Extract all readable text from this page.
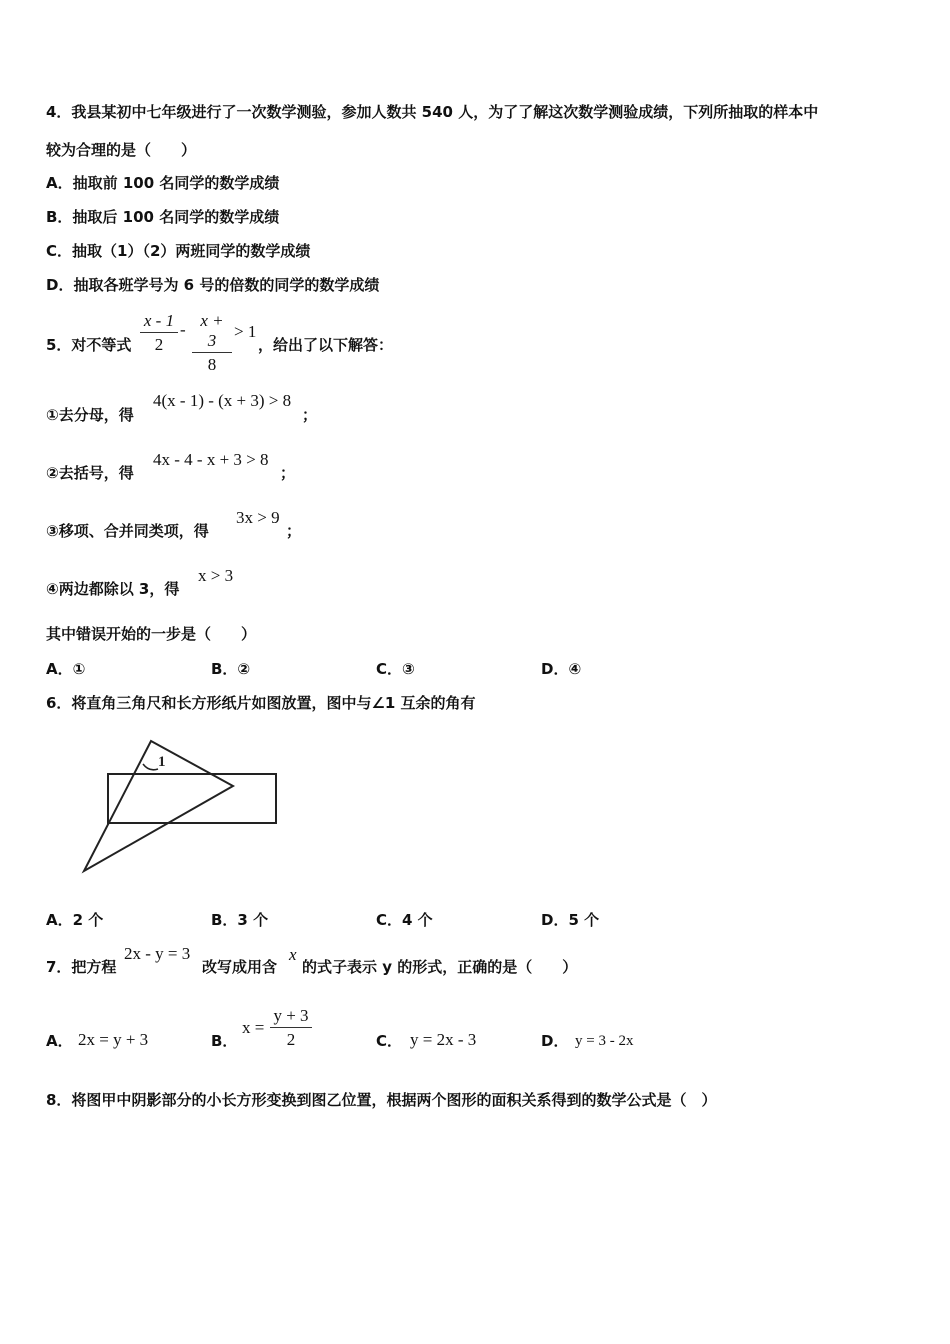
4．我县某初中七年级进行了一次数学测验，参加人数共 540 人，为了了解这次数学测验成绩，下列所抽取的样本中
较为合理的是（　　）
A．抽取前 100 名同学的数学成绩
B．抽取后 100 名同学的数学成绩
C．抽取（1）（2）两班同学的数学成绩
D．抽取各班学号为 6 号的倍数的同学的数学成绩
5．对不等式 $\frac{x - 1}{2} - \frac{x + 3}{8} > 1$
，给出了以下解答：
①去分母，得
4(x - 1) - (x + 3) > 8
；
②去括号，得
4x - 4 - x + 3 > 8
；
③移项、合并同类项，得
3x > 9
；
④两边都除以 3，得
x > 3
其中错误开始的一步是（　　）
A．①	B．②	C．③	D．④
6．将直角三角尺和长方形纸片如图放置，图中与∠1 互余的角有
1
A．2 个	B．3 个	C．4 个	D．5 个
7．把方程
2x - y = 3
改写成用含
x
的式子表示 y 的形式，正确的是（　　）
A． 2x = y + 3	B．
$x = \frac{y + 3}{2}$	C． y = 2x - 3	D． y = 3 - 2x
8．将图甲中阴影部分的小长方形变换到图乙位置，根据两个图形的面积关系得到的数学公式是（　）
